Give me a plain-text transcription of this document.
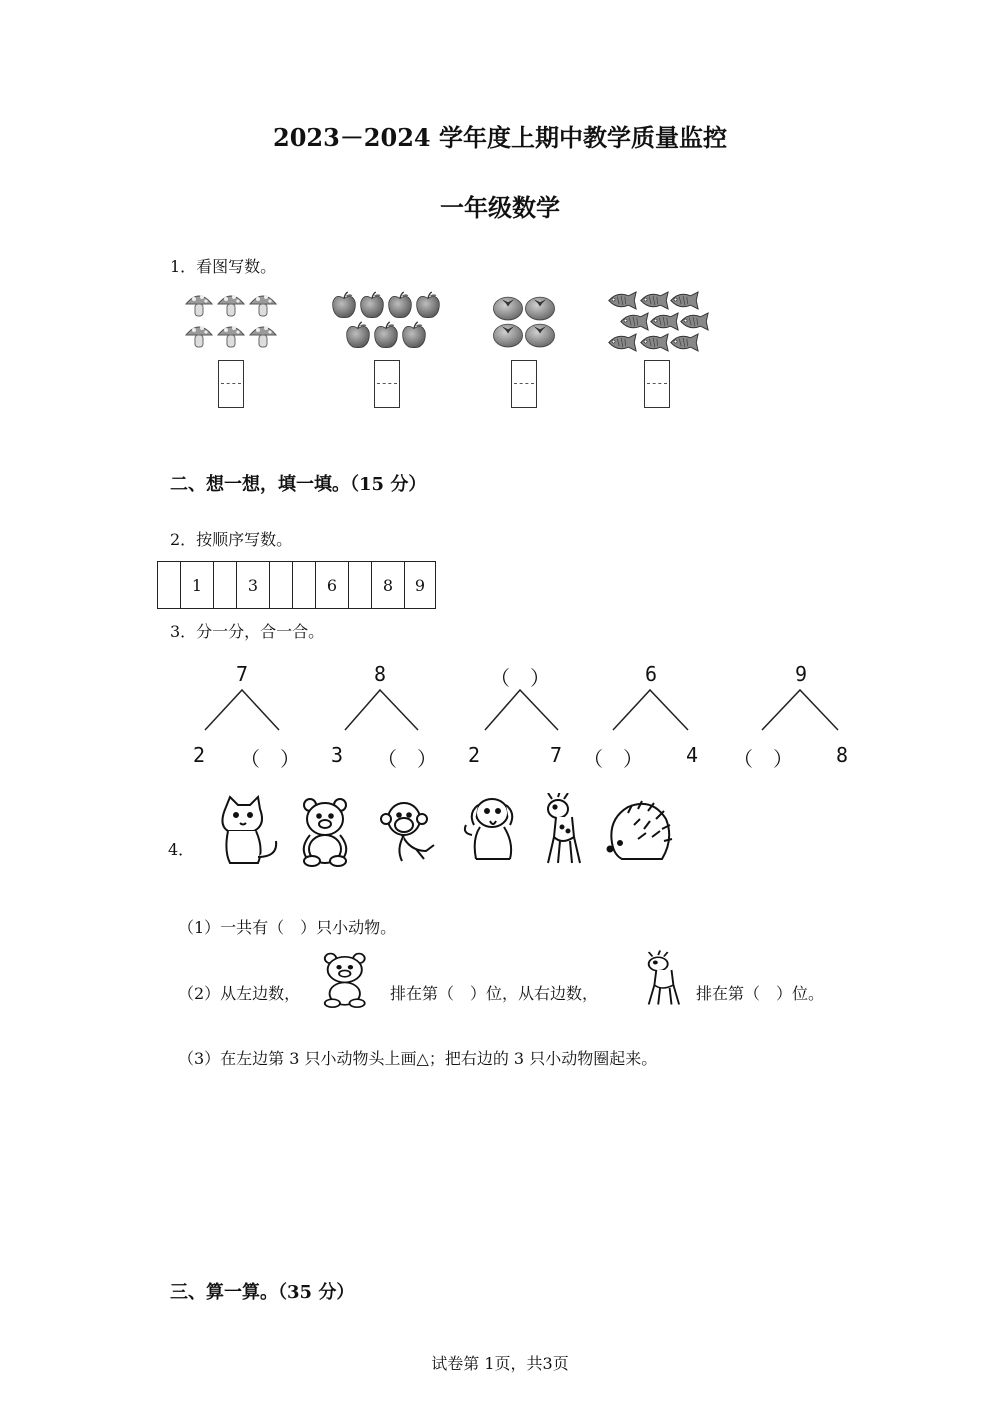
2023－2024 学年度上期中教学质量监控
一年级数学
1．看图写数。
二、想一想，填一填。（15 分）
2．按顺序写数。
	1		3			6		8	9
3．分一分，合一合。
7
2 （　）
8
3 （　）
（　）
2	7
6
（　） 4
9
（　） 8
4．
（1）一共有（　）只小动物。
（2）从左边数，	排在第（　）位，从右边数，	排在第（　）位。
（3）在左边第 3 只小动物头上画△；把右边的 3 只小动物圈起来。
三、算一算。（35 分）
试卷第 1页，共3页
